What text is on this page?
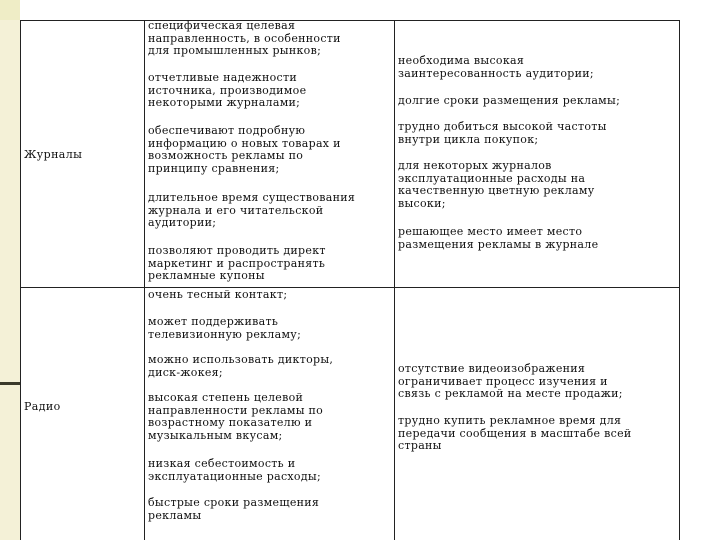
Журналы
Радио
специфическая целевая
направленность, в особенности
для промышленных рынков;
отчетливые надежности
источника, производимое
некоторыми журналами;
обеспечивают подробную
информацию о новых товарах и
возможность рекламы по
принципу сравнения;
длительное время существования
журнала и его читательской
аудитории;
позволяют проводить директ
маркетинг и распространять
рекламные купоны
необходима высокая
заинтересованность аудитории;
долгие сроки размещения рекламы;
трудно добиться высокой частоты
внутри цикла покупок;
для некоторых журналов
эксплуатационные расходы на
качественную цветную рекламу
высоки;
решающее место имеет место
размещения рекламы в журнале
очень тесный контакт;
может поддерживать
телевизионную рекламу;
можно использовать дикторы,
диск-жокея;
высокая степень целевой
направленности рекламы по
возрастному показателю и
музыкальным вкусам;
низкая себестоимость и
эксплуатационные расходы;
быстрые сроки размещения
рекламы
отсутствие видеоизображения
ограничивает процесс изучения и
связь с рекламой на месте продажи;
трудно купить рекламное время для
передачи сообщения в масштабе всей
страны
